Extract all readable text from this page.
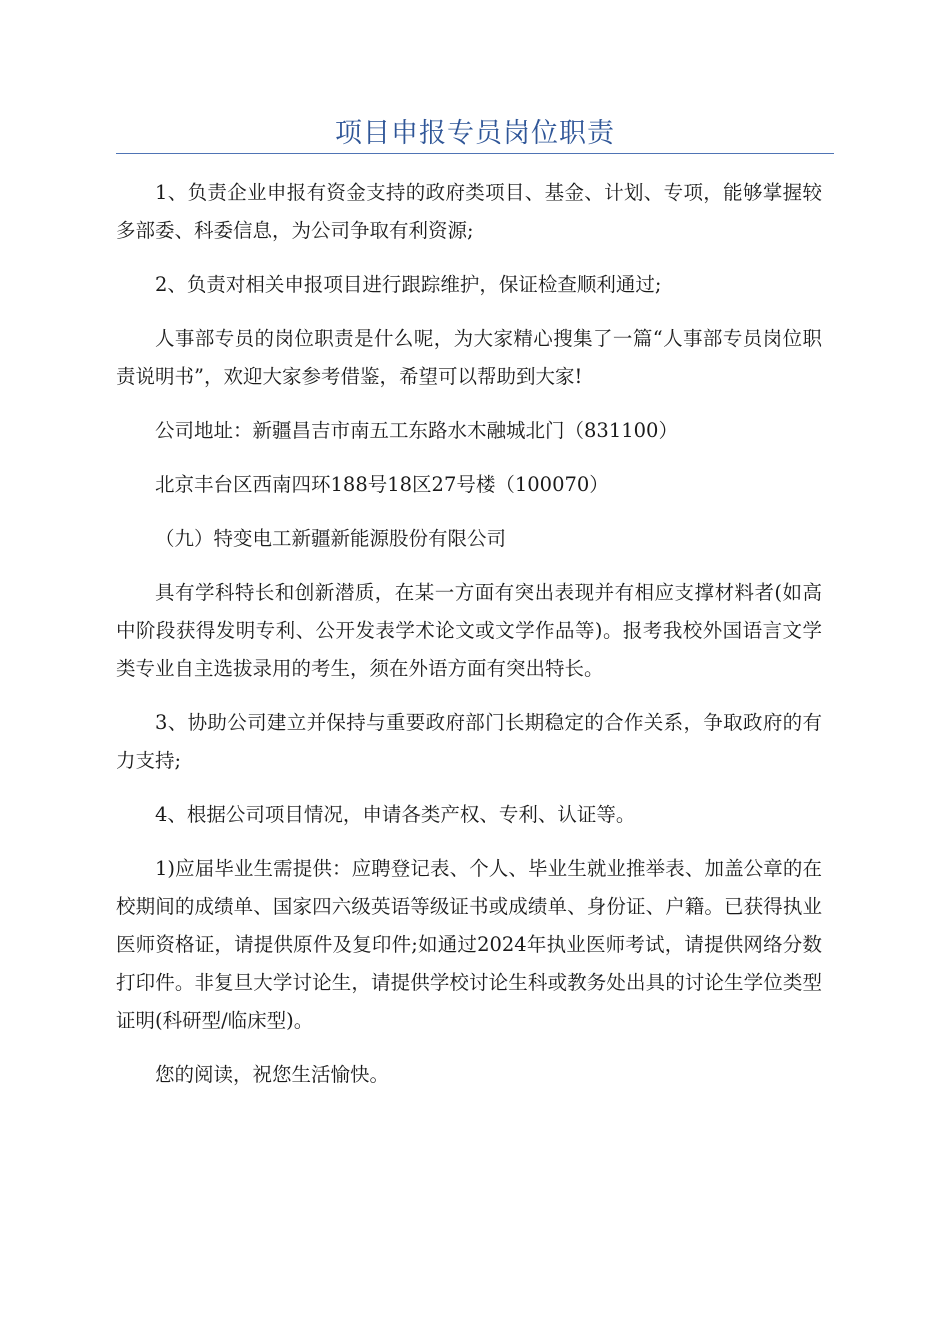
项目申报专员岗位职责

1、负责企业申报有资金支持的政府类项目、基金、计划、专项，能够掌握较多部委、科委信息，为公司争取有利资源;

2、负责对相关申报项目进行跟踪维护，保证检查顺利通过;

人事部专员的岗位职责是什么呢，为大家精心搜集了一篇“人事部专员岗位职责说明书”，欢迎大家参考借鉴，希望可以帮助到大家!

公司地址：新疆昌吉市南五工东路水木融城北门（831100）

北京丰台区西南四环188号18区27号楼（100070）

（九）特变电工新疆新能源股份有限公司

具有学科特长和创新潜质，在某一方面有突出表现并有相应支撑材料者(如高中阶段获得发明专利、公开发表学术论文或文学作品等)。报考我校外国语言文学类专业自主选拔录用的考生，须在外语方面有突出特长。

3、协助公司建立并保持与重要政府部门长期稳定的合作关系，争取政府的有力支持;

4、根据公司项目情况，申请各类产权、专利、认证等。

1)应届毕业生需提供：应聘登记表、个人、毕业生就业推举表、加盖公章的在校期间的成绩单、国家四六级英语等级证书或成绩单、身份证、户籍。已获得执业医师资格证，请提供原件及复印件;如通过2024年执业医师考试，请提供网络分数打印件。非复旦大学讨论生，请提供学校讨论生科或教务处出具的讨论生学位类型证明(科研型/临床型)。

您的阅读，祝您生活愉快。
